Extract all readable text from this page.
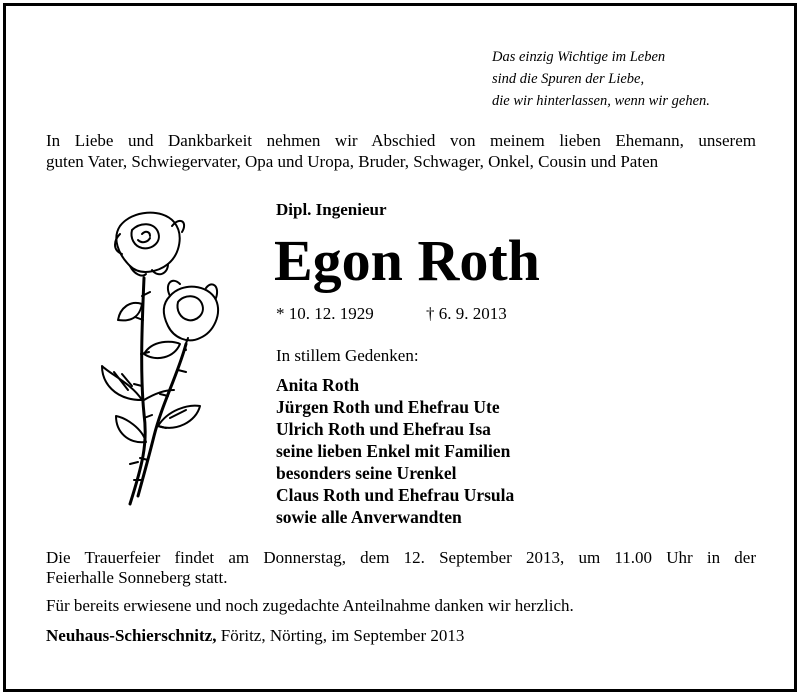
Das einzig Wichtige im Leben
sind die Spuren der Liebe,
die wir hinterlassen, wenn wir gehen.
In Liebe und Dankbarkeit nehmen wir Abschied von meinem lieben Ehemann, unserem
guten Vater, Schwiegervater, Opa und Uropa, Bruder, Schwager, Onkel, Cousin und Paten
Dipl. Ingenieur
Egon Roth
* 10. 12. 1929	† 6. 9. 2013
In stillem Gedenken:
Anita Roth
Jürgen Roth und Ehefrau Ute
Ulrich Roth und Ehefrau Isa
seine lieben Enkel mit Familien
besonders seine Urenkel
Claus Roth und Ehefrau Ursula
sowie alle Anverwandten
Die Trauerfeier findet am Donnerstag, dem 12. September 2013, um 11.00 Uhr in der
Feierhalle Sonneberg statt.
Für bereits erwiesene und noch zugedachte Anteilnahme danken wir herzlich.
Neuhaus-Schierschnitz, Föritz, Nörting, im September 2013
